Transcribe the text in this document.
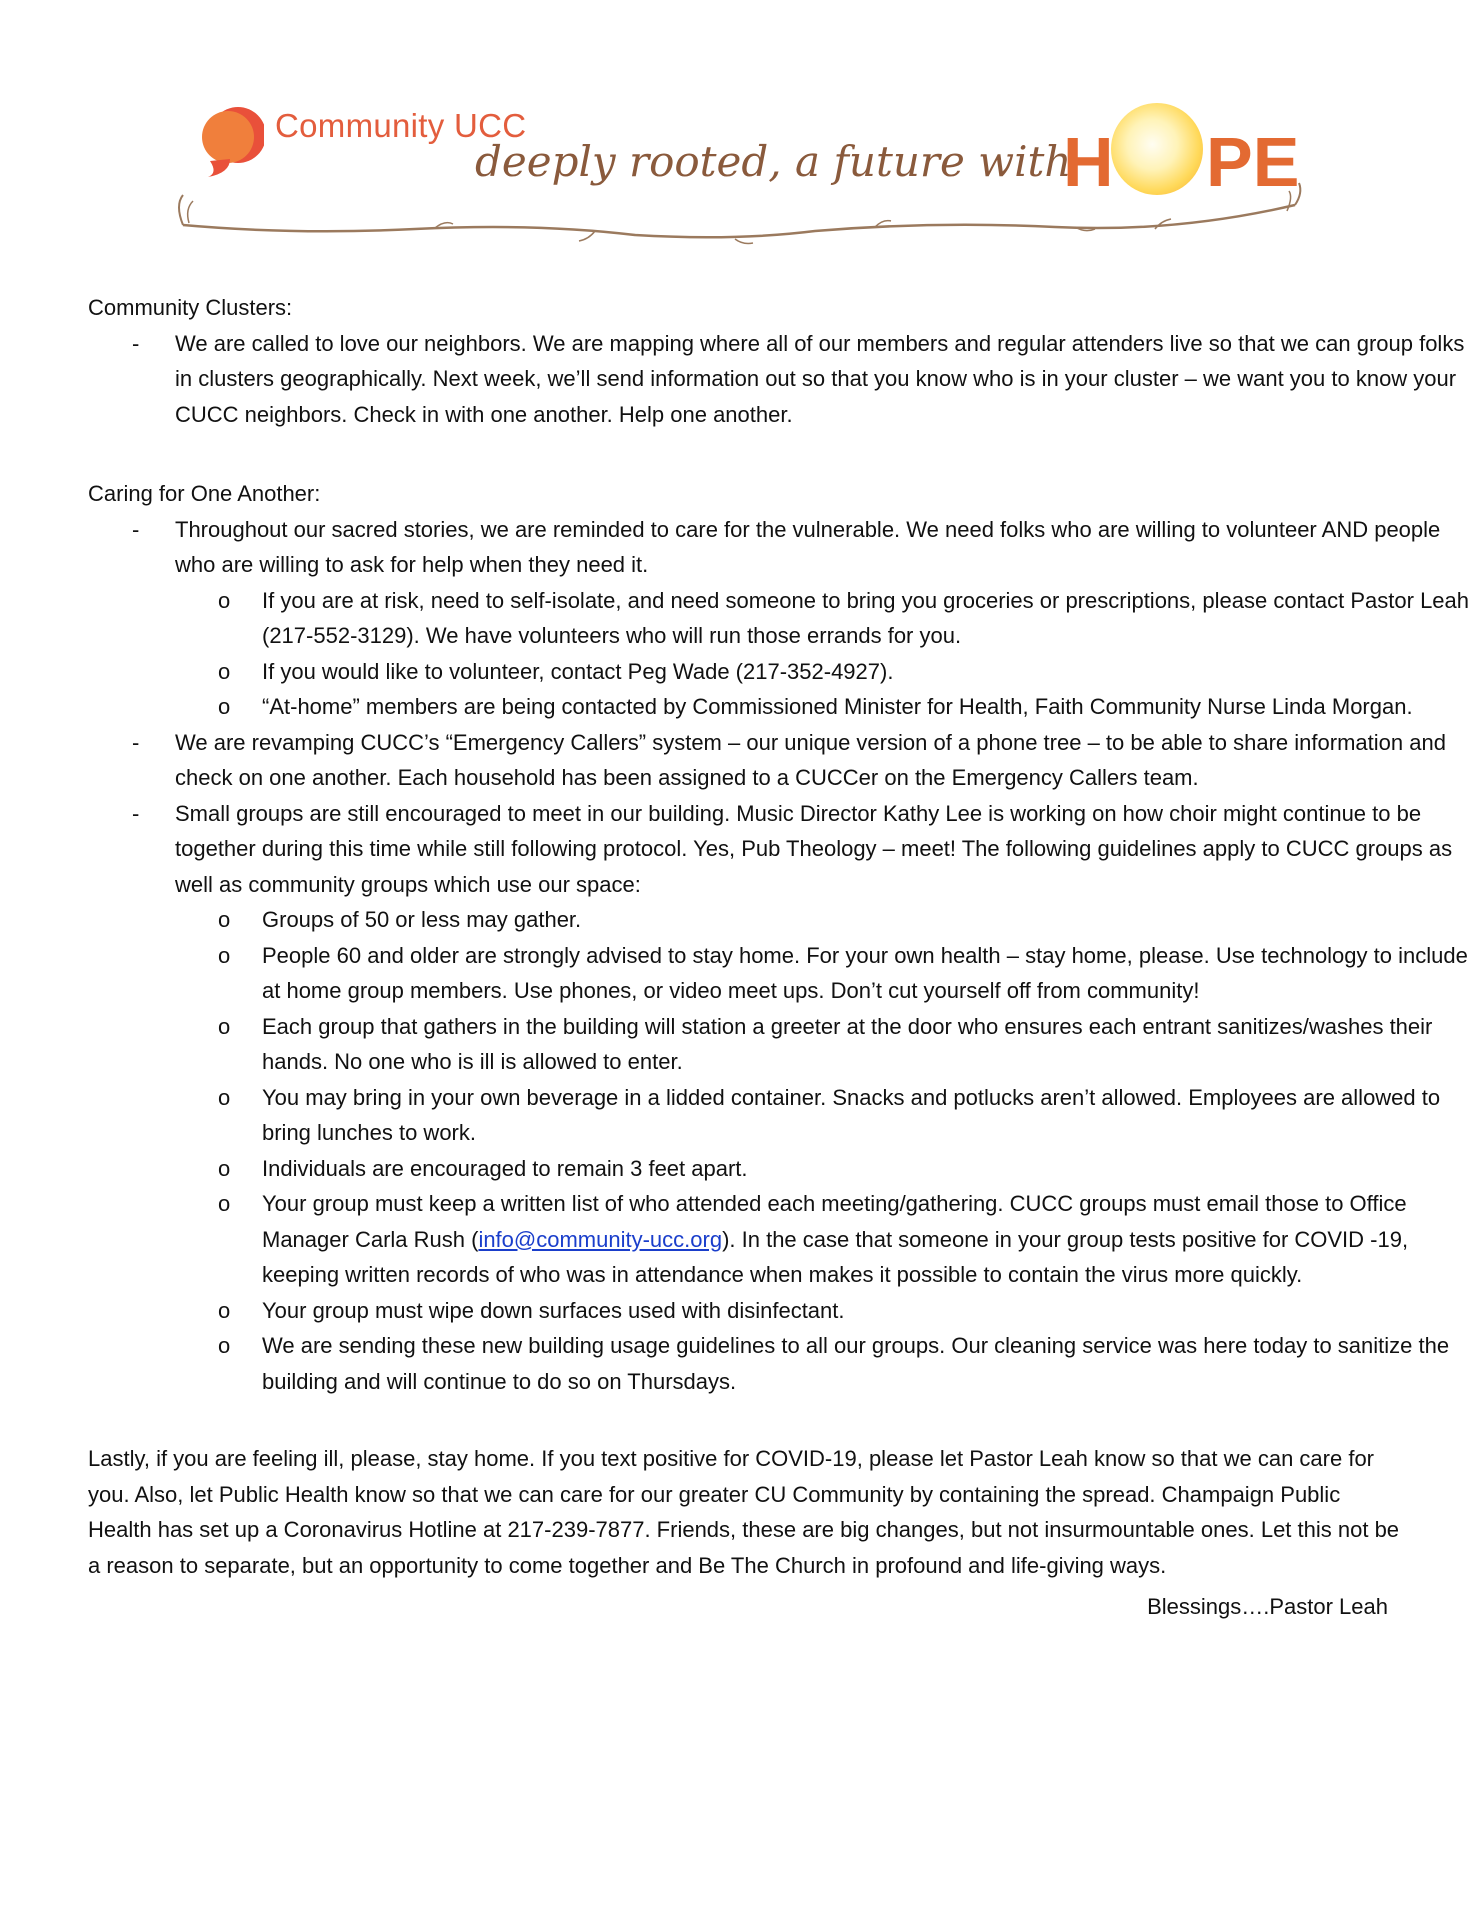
Community UCC
deeply rooted, a future with
H PE

Community Clusters:

- We are called to love our neighbors. We are mapping where all of our members and regular attenders live so that we can group folks in clusters geographically. Next week, we’ll send information out so that you know who is in your cluster – we want you to know your CUCC neighbors. Check in with one another. Help one another.

Caring for One Another:

- Throughout our sacred stories, we are reminded to care for the vulnerable. We need folks who are willing to volunteer AND people who are willing to ask for help when they need it.
o If you are at risk, need to self-isolate, and need someone to bring you groceries or prescriptions, please contact Pastor Leah (217-552-3129). We have volunteers who will run those errands for you.
o If you would like to volunteer, contact Peg Wade (217-352-4927).
o “At-home” members are being contacted by Commissioned Minister for Health, Faith Community Nurse Linda Morgan.
- We are revamping CUCC’s “Emergency Callers” system – our unique version of a phone tree – to be able to share information and check on one another. Each household has been assigned to a CUCCer on the Emergency Callers team.
- Small groups are still encouraged to meet in our building. Music Director Kathy Lee is working on how choir might continue to be together during this time while still following protocol. Yes, Pub Theology – meet! The following guidelines apply to CUCC groups as well as community groups which use our space:
o Groups of 50 or less may gather.
o People 60 and older are strongly advised to stay home. For your own health – stay home, please. Use technology to include at home group members. Use phones, or video meet ups. Don’t cut yourself off from community!
o Each group that gathers in the building will station a greeter at the door who ensures each entrant sanitizes/washes their hands. No one who is ill is allowed to enter.
o You may bring in your own beverage in a lidded container. Snacks and potlucks aren’t allowed. Employees are allowed to bring lunches to work.
o Individuals are encouraged to remain 3 feet apart.
o Your group must keep a written list of who attended each meeting/gathering. CUCC groups must email those to Office Manager Carla Rush (info@community-ucc.org). In the case that someone in your group tests positive for COVID -19, keeping written records of who was in attendance when makes it possible to contain the virus more quickly.
o Your group must wipe down surfaces used with disinfectant.
o We are sending these new building usage guidelines to all our groups. Our cleaning service was here today to sanitize the building and will continue to do so on Thursdays.

Lastly, if you are feeling ill, please, stay home. If you text positive for COVID-19, please let Pastor Leah know so that we can care for you. Also, let Public Health know so that we can care for our greater CU Community by containing the spread. Champaign Public Health has set up a Coronavirus Hotline at 217-239-7877. Friends, these are big changes, but not insurmountable ones. Let this not be a reason to separate, but an opportunity to come together and Be The Church in profound and life-giving ways.

Blessings….Pastor Leah
